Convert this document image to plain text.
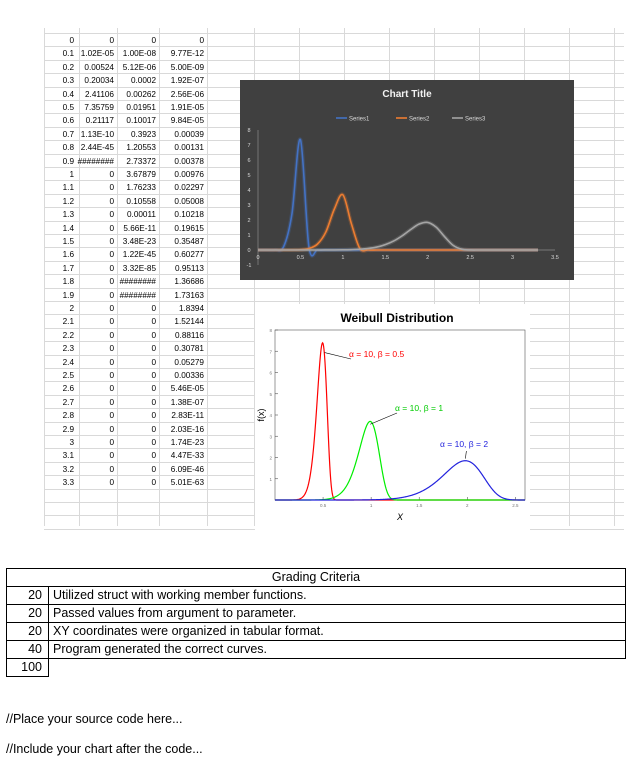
0	0	0	0
0.1 1.02E-05	1.00E-08	9.77E-12
0.2	0.00524	5.12E-06	5.00E-09
0.3	0.20034	0.0002	1.92E-07
0.4	2.41106	0.00262	2.56E-06
0.5	7.35759	0.01951	1.91E-05
0.6	0.21117	0.10017	9.84E-05
0.7 1.13E-10	0.3923	0.00039
0.8 2.44E-45	1.20553	0.00131
0.9 ########	2.73372	0.00378
1	0	3.67879	0.00976
1.1	0	1.76233	0.02297
1.2	0	0.10558	0.05008
1.3	0	0.00011	0.10218
1.4	0	5.66E-11	0.19615
1.5	0	3.48E-23	0.35487
1.6	0	1.22E-45	0.60277
1.7	0	3.32E-85	0.95113
1.8	0 ########	1.36686
1.9	0 ########	1.73163
2	0	0	1.8394
2.1	0	0	1.52144
2.2	0	0	0.88116
2.3	0	0	0.30781
2.4	0	0	0.05279
2.5	0	0	0.00336
2.6	0	0	5.46E-05
2.7	0	0	1.38E-07
2.8	0	0	2.83E-11
2.9	0	0	2.03E-16
3	0	0	1.74E-23
3.1	0	0	4.47E-33
3.2	0	0	6.09E-46
3.3	0	0	5.01E-63
Chart Title
Series1	Series2	Series3
-1
0
1
2
3
4
5
6
7
8
0	0.5	1	1.5	2	2.5	3	3.5
Weibull Distribution
1
2
3
4
5
6
7
8
0.5	1	1.5	2	2.5
X
f(x)
α = 10, β = 0.5
α = 10, β = 1
α = 10, β = 2
Grading Criteria	
20	Utilized struct with working member functions.
20	Passed values from argument to parameter.
20	XY coordinates were organized in tabular format.
40	Program generated the correct curves.
100	
//Place your source code here...
//Include your chart after the code...
